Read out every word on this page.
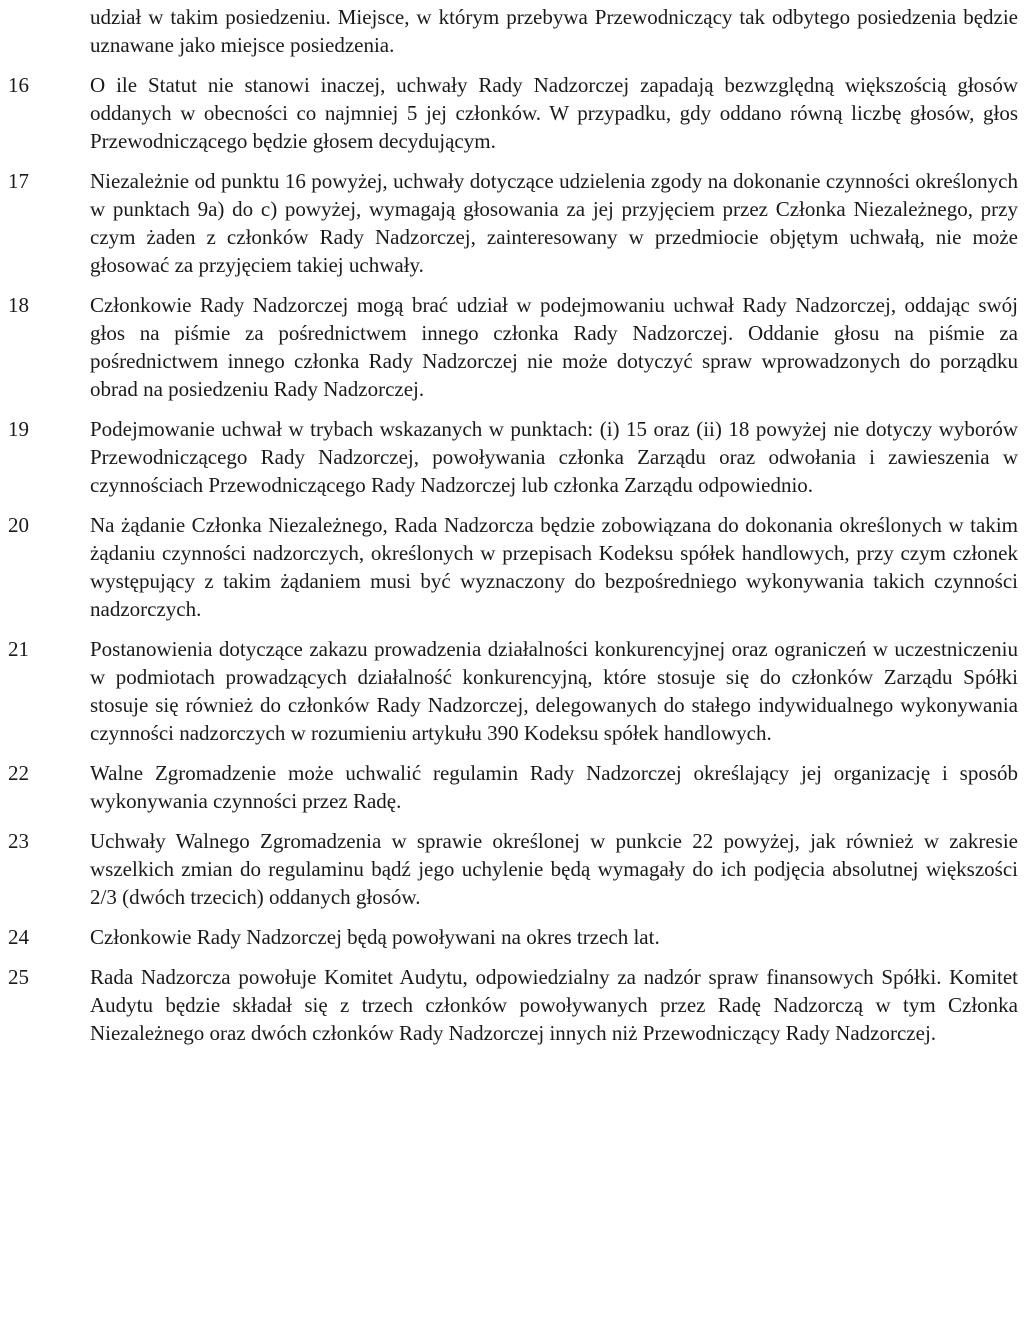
udział w takim posiedzeniu. Miejsce, w którym przebywa Przewodniczący tak odbytego posiedzenia będzie uznawane jako miejsce posiedzenia.
16	O ile Statut nie stanowi inaczej, uchwały Rady Nadzorczej zapadają bezwzględną większością głosów oddanych w obecności co najmniej 5 jej członków. W przypadku, gdy oddano równą liczbę głosów, głos Przewodniczącego będzie głosem decydującym.
17	Niezależnie od punktu 16 powyżej, uchwały dotyczące udzielenia zgody na dokonanie czynności określonych w punktach 9a) do c) powyżej, wymagają głosowania za jej przyjęciem przez Członka Niezależnego, przy czym żaden z członków Rady Nadzorczej, zainteresowany w przedmiocie objętym uchwałą, nie może głosować za przyjęciem takiej uchwały.
18	Członkowie Rady Nadzorczej mogą brać udział w podejmowaniu uchwał Rady Nadzorczej, oddając swój głos na piśmie za pośrednictwem innego członka Rady Nadzorczej. Oddanie głosu na piśmie za pośrednictwem innego członka Rady Nadzorczej nie może dotyczyć spraw wprowadzonych do porządku obrad na posiedzeniu Rady Nadzorczej.
19	Podejmowanie uchwał w trybach wskazanych w punktach: (i) 15 oraz (ii) 18 powyżej nie dotyczy wyborów Przewodniczącego Rady Nadzorczej, powoływania członka Zarządu oraz odwołania i zawieszenia w czynnościach Przewodniczącego Rady Nadzorczej lub członka Zarządu odpowiednio.
20	Na żądanie Członka Niezależnego, Rada Nadzorcza będzie zobowiązana do dokonania określonych w takim żądaniu czynności nadzorczych, określonych w przepisach Kodeksu spółek handlowych, przy czym członek występujący z takim żądaniem musi być wyznaczony do bezpośredniego wykonywania takich czynności nadzorczych.
21	Postanowienia dotyczące zakazu prowadzenia działalności konkurencyjnej oraz ograniczeń w uczestniczeniu w podmiotach prowadzących działalność konkurencyjną, które stosuje się do członków Zarządu Spółki stosuje się również do członków Rady Nadzorczej, delegowanych do stałego indywidualnego wykonywania czynności nadzorczych w rozumieniu artykułu 390 Kodeksu spółek handlowych.
22	Walne Zgromadzenie może uchwalić regulamin Rady Nadzorczej określający jej organizację i sposób wykonywania czynności przez Radę.
23	Uchwały Walnego Zgromadzenia w sprawie określonej w punkcie 22 powyżej, jak również w zakresie wszelkich zmian do regulaminu bądź jego uchylenie będą wymagały do ich podjęcia absolutnej większości 2/3 (dwóch trzecich) oddanych głosów.
24	Członkowie Rady Nadzorczej będą powoływani na okres trzech lat.
25	Rada Nadzorcza powołuje Komitet Audytu, odpowiedzialny za nadzór spraw finansowych Spółki. Komitet Audytu będzie składał się z trzech członków powoływanych przez Radę Nadzorczą w tym Członka Niezależnego oraz dwóch członków Rady Nadzorczej innych niż Przewodniczący Rady Nadzorczej.
